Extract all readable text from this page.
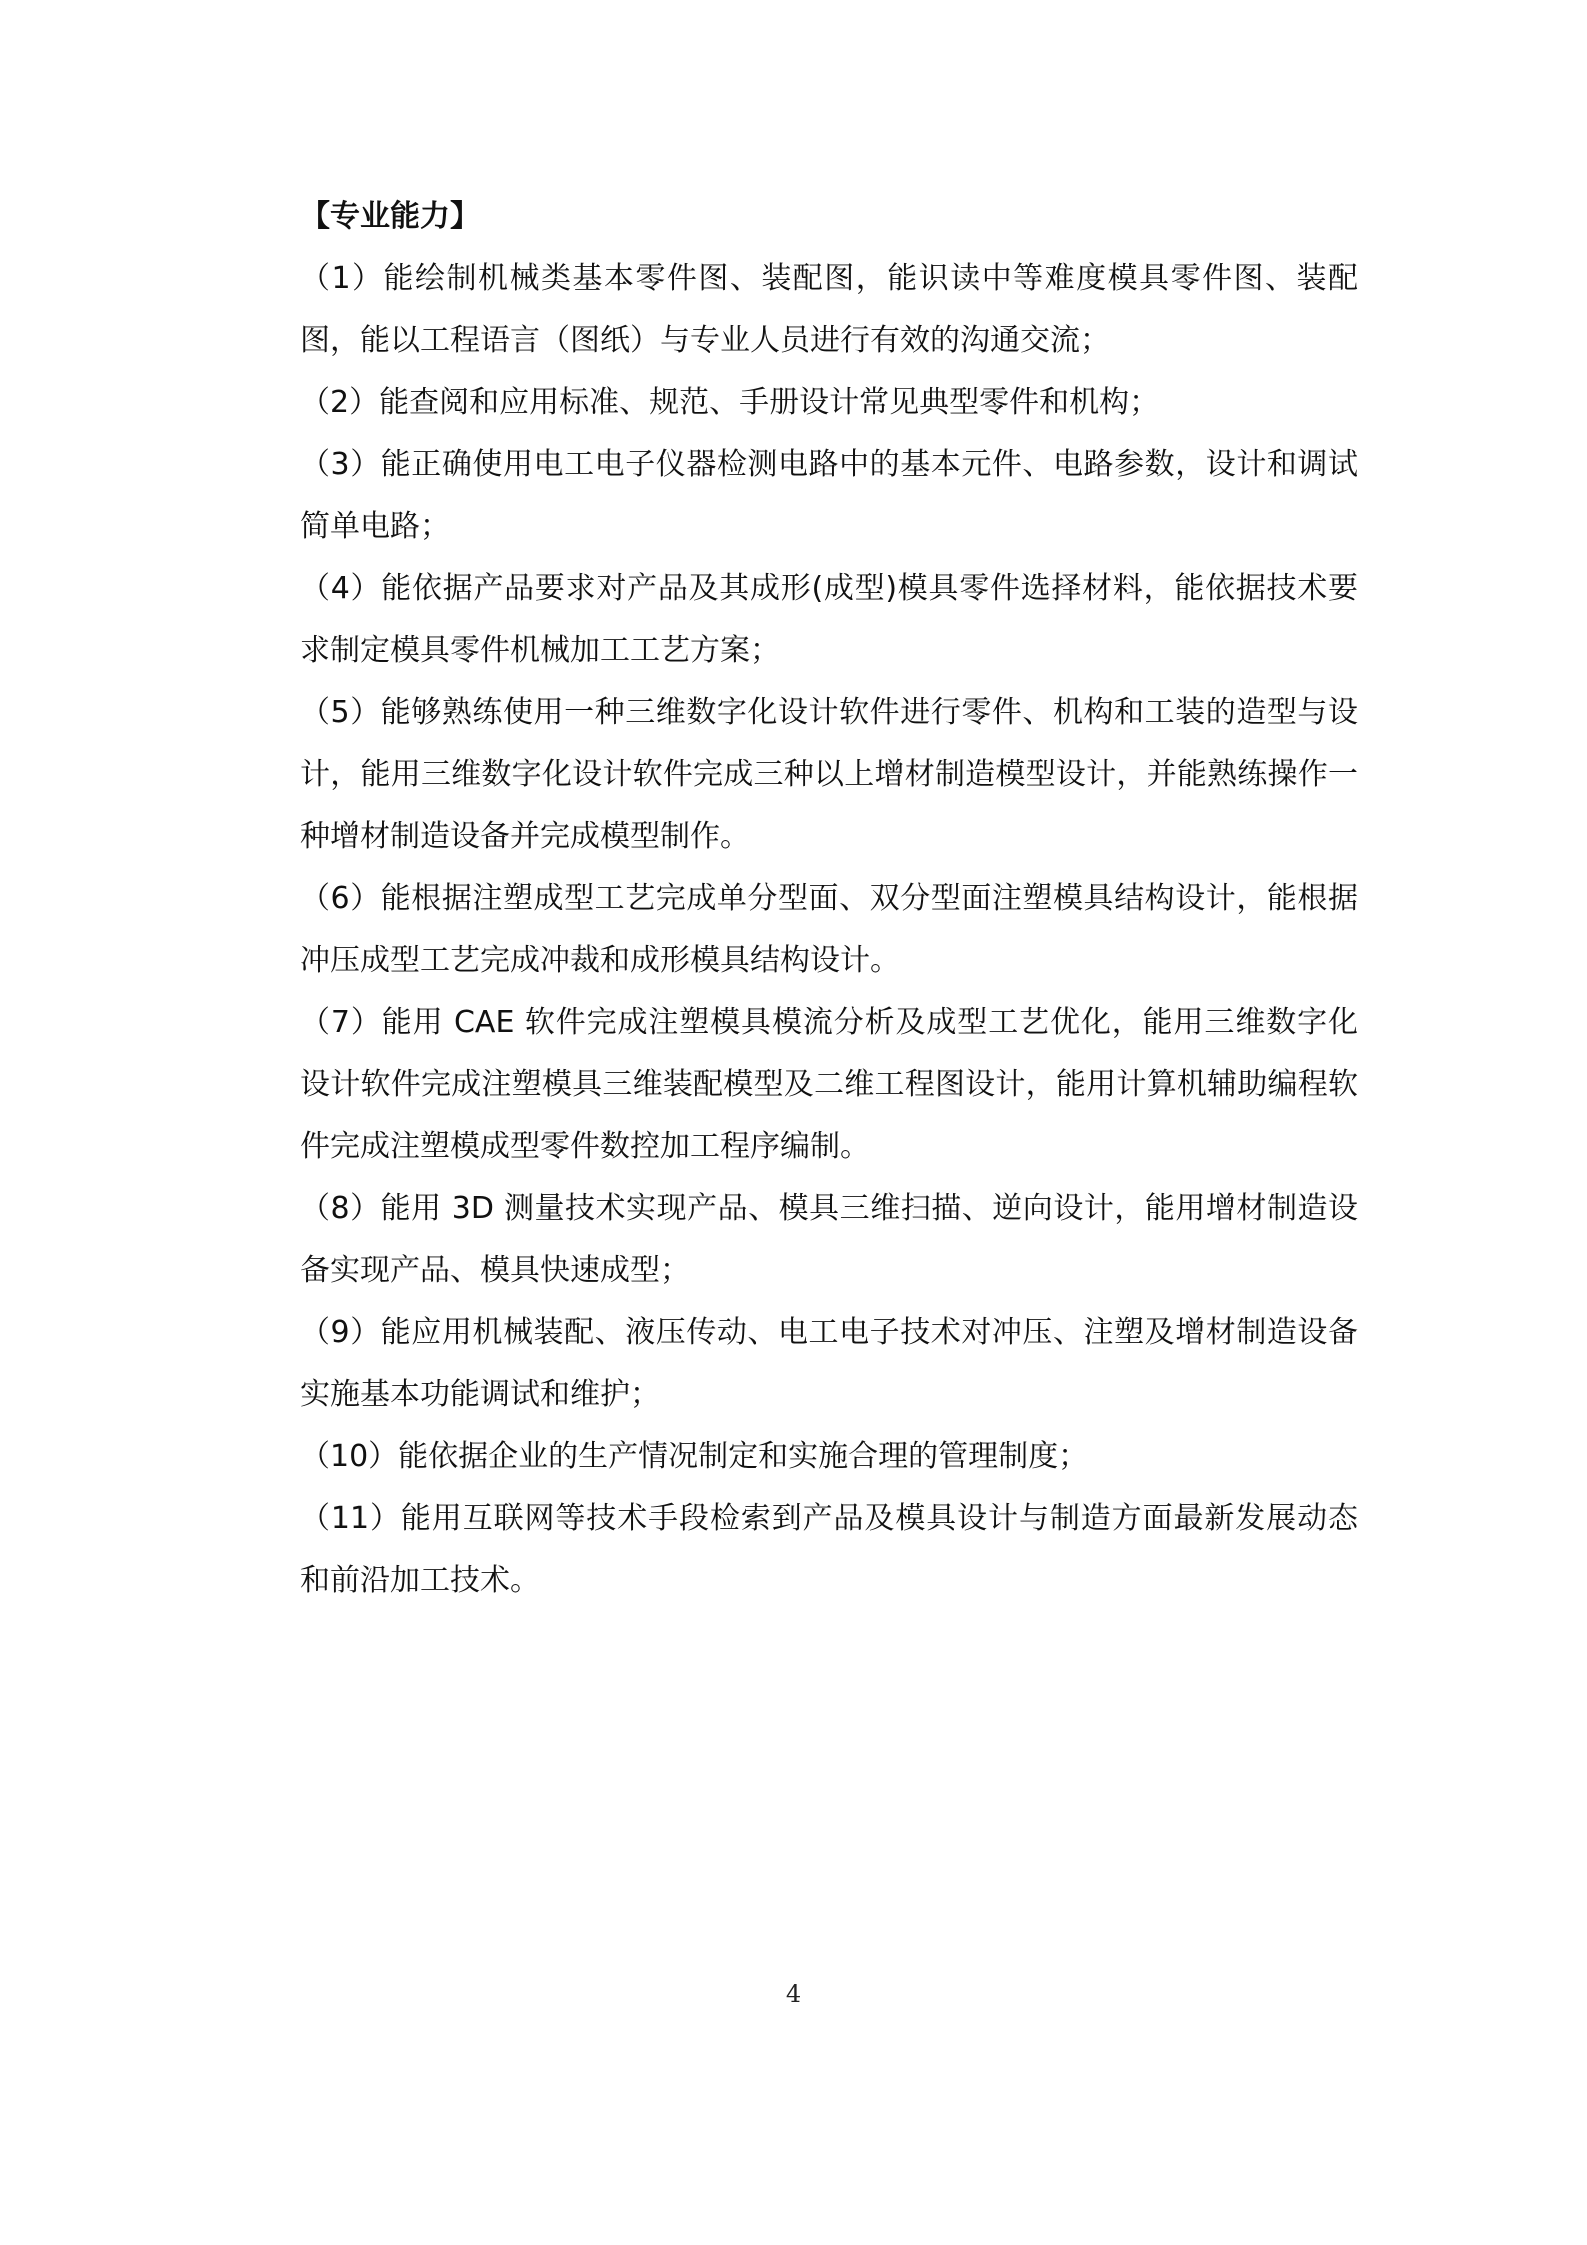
【专业能力】

（1）能绘制机械类基本零件图、装配图，能识读中等难度模具零件图、装配图，能以工程语言（图纸）与专业人员进行有效的沟通交流；

（2）能查阅和应用标准、规范、手册设计常见典型零件和机构；

（3）能正确使用电工电子仪器检测电路中的基本元件、电路参数，设计和调试简单电路；

（4）能依据产品要求对产品及其成形(成型)模具零件选择材料，能依据技术要求制定模具零件机械加工工艺方案；

（5）能够熟练使用一种三维数字化设计软件进行零件、机构和工装的造型与设计，能用三维数字化设计软件完成三种以上增材制造模型设计，并能熟练操作一种增材制造设备并完成模型制作。

（6）能根据注塑成型工艺完成单分型面、双分型面注塑模具结构设计，能根据冲压成型工艺完成冲裁和成形模具结构设计。

（7）能用 CAE 软件完成注塑模具模流分析及成型工艺优化，能用三维数字化设计软件完成注塑模具三维装配模型及二维工程图设计，能用计算机辅助编程软件完成注塑模成型零件数控加工程序编制。

（8）能用 3D 测量技术实现产品、模具三维扫描、逆向设计，能用增材制造设备实现产品、模具快速成型；

（9）能应用机械装配、液压传动、电工电子技术对冲压、注塑及增材制造设备实施基本功能调试和维护；

（10）能依据企业的生产情况制定和实施合理的管理制度；

（11）能用互联网等技术手段检索到产品及模具设计与制造方面最新发展动态和前沿加工技术。

4
